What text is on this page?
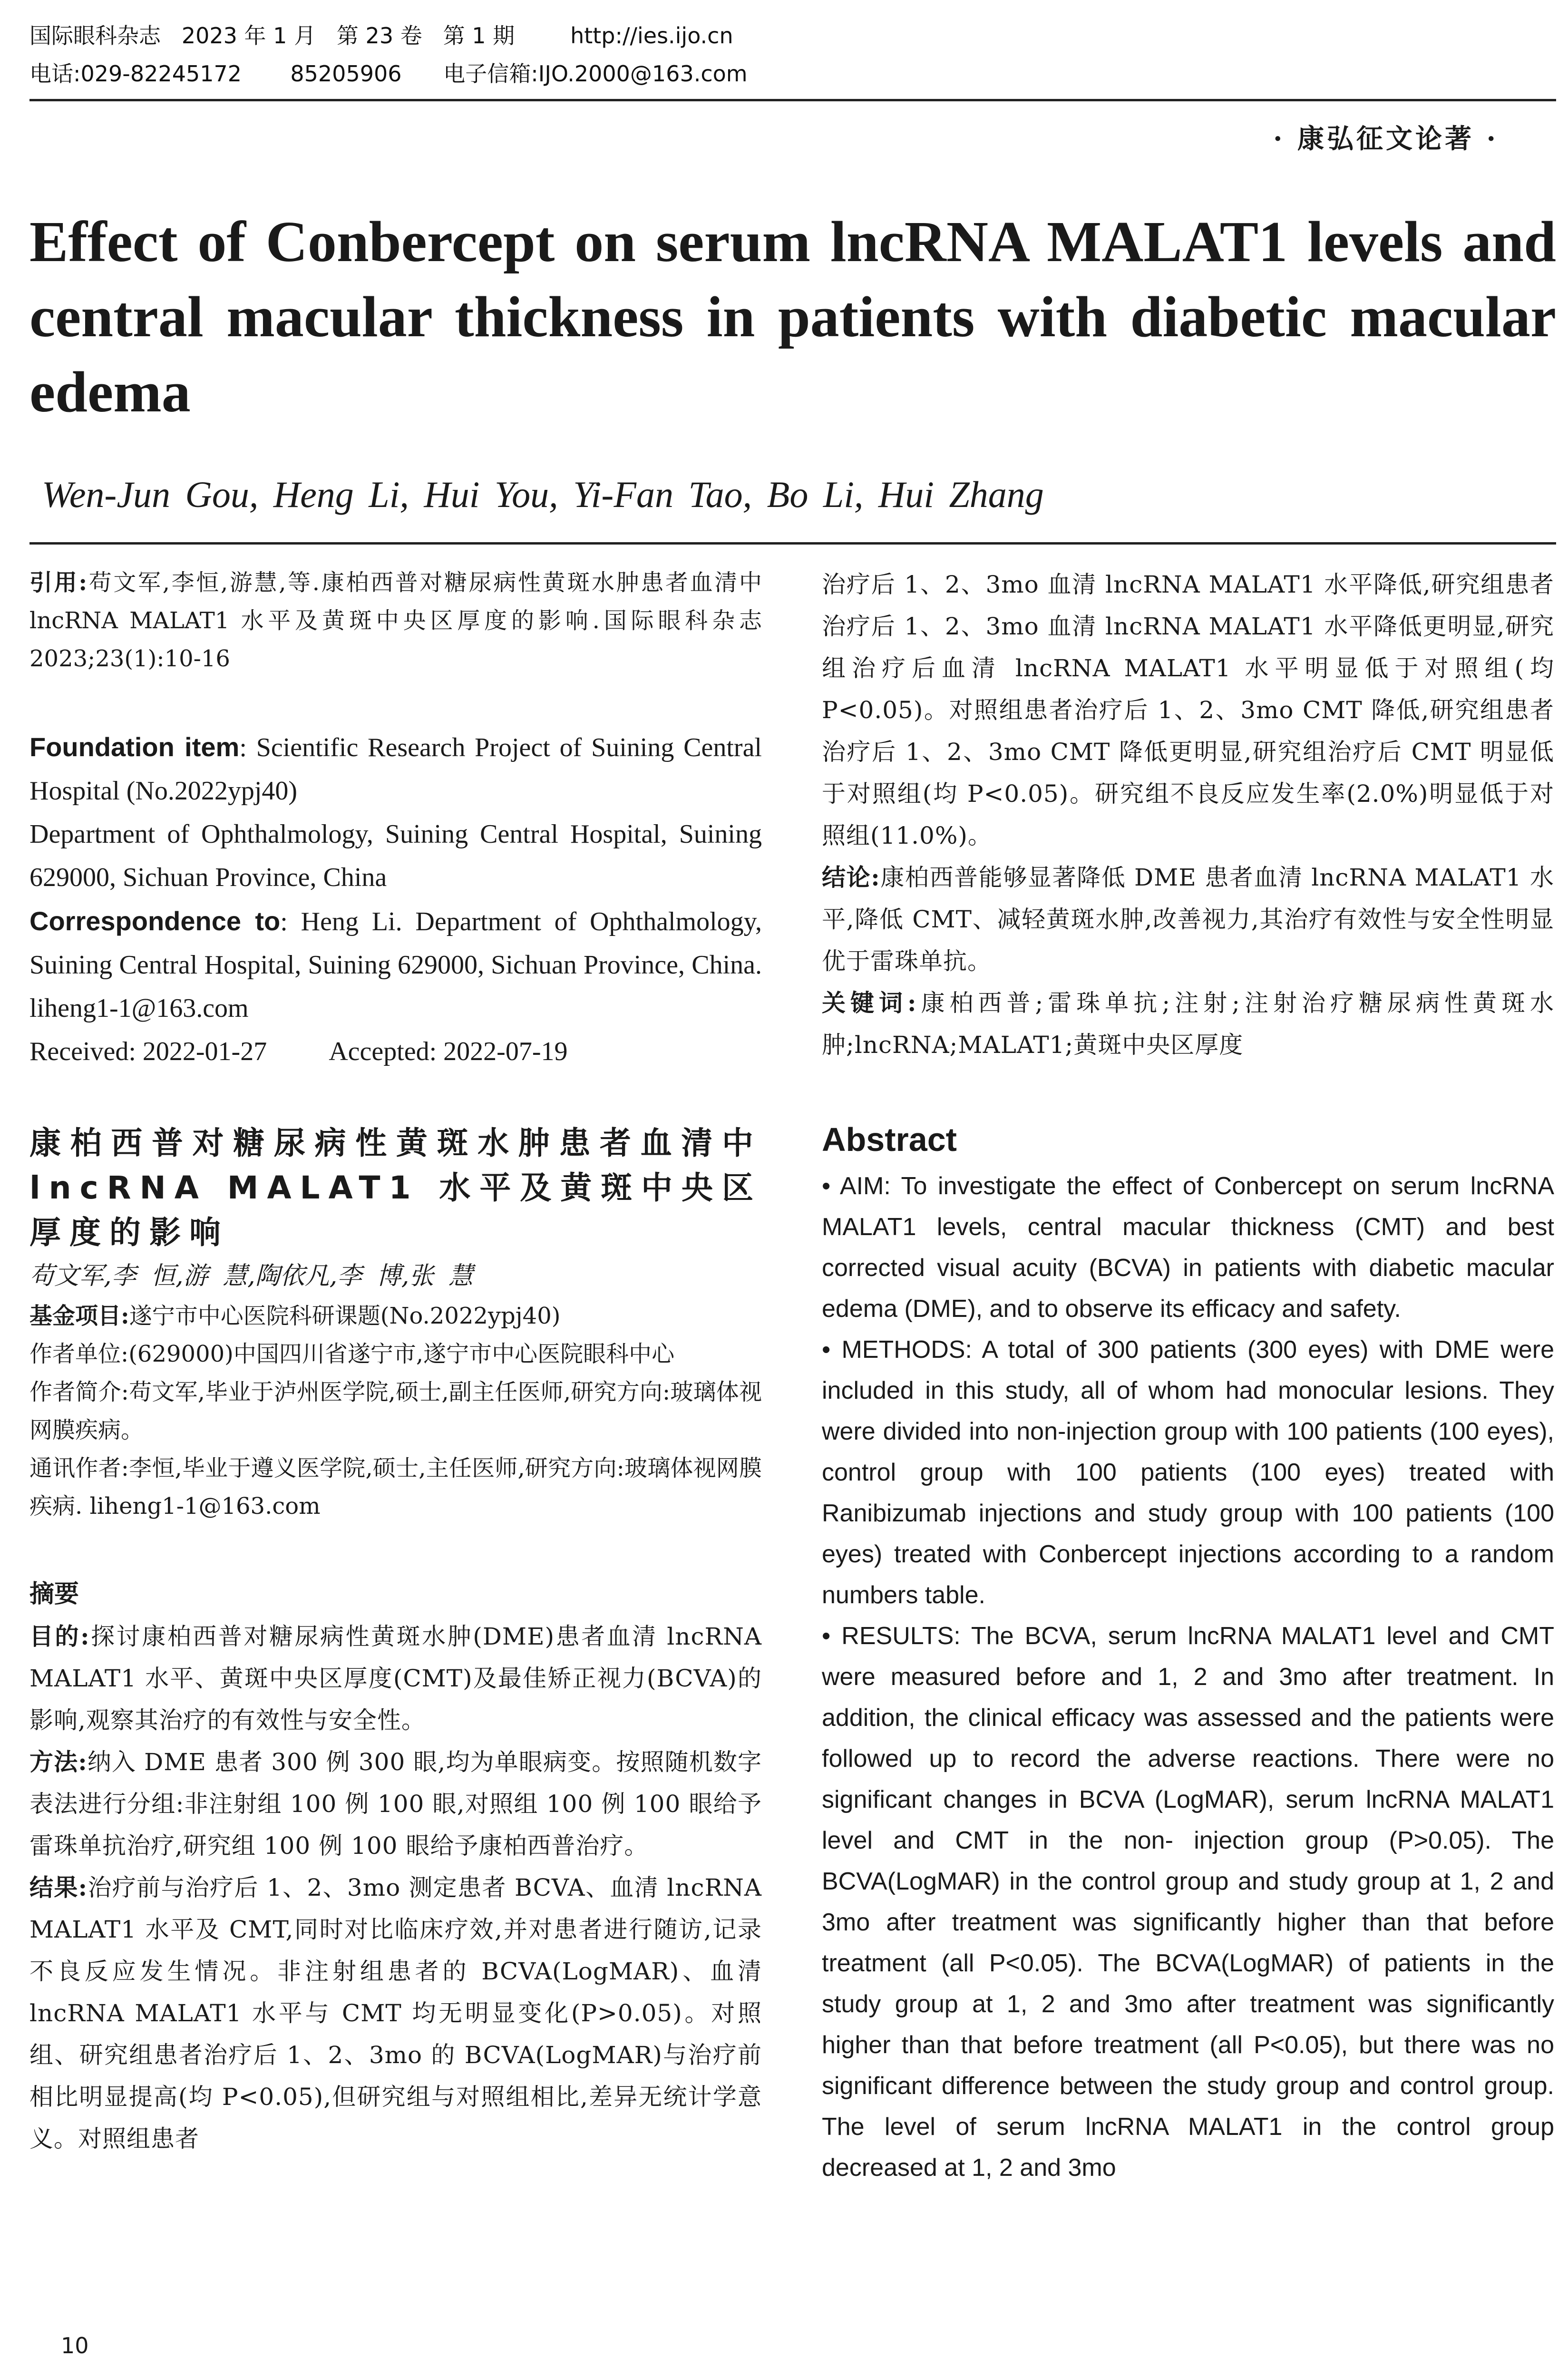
国际眼科杂志   2023 年 1 月   第 23 卷   第 1 期        http://ies.ijo.cn
电话:029-82245172       85205906      电子信箱:IJO.2000@163.com
· 康弘征文论著 ·
Effect of Conbercept on serum lncRNA MALAT1 levels and central macular thickness in patients with diabetic macular edema
Wen-Jun Gou, Heng Li, Hui You, Yi-Fan Tao, Bo Li, Hui Zhang

引用:苟文军,李恒,游慧,等.康柏西普对糖尿病性黄斑水肿患者血清中 lncRNA MALAT1 水平及黄斑中央区厚度的影响.国际眼科杂志 2023;23(1):10-16

Foundation item: Scientific Research Project of Suining Central Hospital (No.2022ypj40)

Department of Ophthalmology, Suining Central Hospital, Suining 629000, Sichuan Province, China

Correspondence to: Heng Li. Department of Ophthalmology, Suining Central Hospital, Suining 629000, Sichuan Province, China. liheng1-1@163.com

Received: 2022-01-27 Accepted: 2022-07-19

康柏西普对糖尿病性黄斑水肿患者血清中 lncRNA MALAT1 水平及黄斑中央区厚度的影响

苟文军,李 恒,游 慧,陶依凡,李 博,张 慧

基金项目:遂宁市中心医院科研课题(No.2022ypj40)

作者单位:(629000)中国四川省遂宁市,遂宁市中心医院眼科中心

作者简介:苟文军,毕业于泸州医学院,硕士,副主任医师,研究方向:玻璃体视网膜疾病。

通讯作者:李恒,毕业于遵义医学院,硕士,主任医师,研究方向:玻璃体视网膜疾病. liheng1-1@163.com

摘要

目的:探讨康柏西普对糖尿病性黄斑水肿(DME)患者血清 lncRNA MALAT1 水平、黄斑中央区厚度(CMT)及最佳矫正视力(BCVA)的影响,观察其治疗的有效性与安全性。

方法:纳入 DME 患者 300 例 300 眼,均为单眼病变。按照随机数字表法进行分组:非注射组 100 例 100 眼,对照组 100 例 100 眼给予雷珠单抗治疗,研究组 100 例 100 眼给予康柏西普治疗。

结果:治疗前与治疗后 1、2、3mo 测定患者 BCVA、血清 lncRNA MALAT1 水平及 CMT,同时对比临床疗效,并对患者进行随访,记录不良反应发生情况。非注射组患者的 BCVA(LogMAR)、血清 lncRNA MALAT1 水平与 CMT 均无明显变化(P>0.05)。对照组、研究组患者治疗后 1、2、3mo 的 BCVA(LogMAR)与治疗前相比明显提高(均 P<0.05),但研究组与对照组相比,差异无统计学意义。对照组患者

治疗后 1、2、3mo 血清 lncRNA MALAT1 水平降低,研究组患者治疗后 1、2、3mo 血清 lncRNA MALAT1 水平降低更明显,研究组治疗后血清 lncRNA MALAT1 水平明显低于对照组(均 P<0.05)。对照组患者治疗后 1、2、3mo CMT 降低,研究组患者治疗后 1、2、3mo CMT 降低更明显,研究组治疗后 CMT 明显低于对照组(均 P<0.05)。研究组不良反应发生率(2.0%)明显低于对照组(11.0%)。

结论:康柏西普能够显著降低 DME 患者血清 lncRNA MALAT1 水平,降低 CMT、减轻黄斑水肿,改善视力,其治疗有效性与安全性明显优于雷珠单抗。

关键词:康柏西普;雷珠单抗;注射;注射治疗糖尿病性黄斑水肿;lncRNA;MALAT1;黄斑中央区厚度

Abstract

• AIM: To investigate the effect of Conbercept on serum lncRNA MALAT1 levels, central macular thickness (CMT) and best corrected visual acuity (BCVA) in patients with diabetic macular edema (DME), and to observe its efficacy and safety.

• METHODS: A total of 300 patients (300 eyes) with DME were included in this study, all of whom had monocular lesions. They were divided into non-injection group with 100 patients (100 eyes), control group with 100 patients (100 eyes) treated with Ranibizumab injections and study group with 100 patients (100 eyes) treated with Conbercept injections according to a random numbers table.

• RESULTS: The BCVA, serum lncRNA MALAT1 level and CMT were measured before and 1, 2 and 3mo after treatment. In addition, the clinical efficacy was assessed and the patients were followed up to record the adverse reactions. There were no significant changes in BCVA (LogMAR), serum lncRNA MALAT1 level and CMT in the non- injection group (P>0.05). The BCVA(LogMAR) in the control group and study group at 1, 2 and 3mo after treatment was significantly higher than that before treatment (all P<0.05). The BCVA(LogMAR) of patients in the study group at 1, 2 and 3mo after treatment was significantly higher than that before treatment (all P<0.05), but there was no significant difference between the study group and control group. The level of serum lncRNA MALAT1 in the control group decreased at 1, 2 and 3mo

10
